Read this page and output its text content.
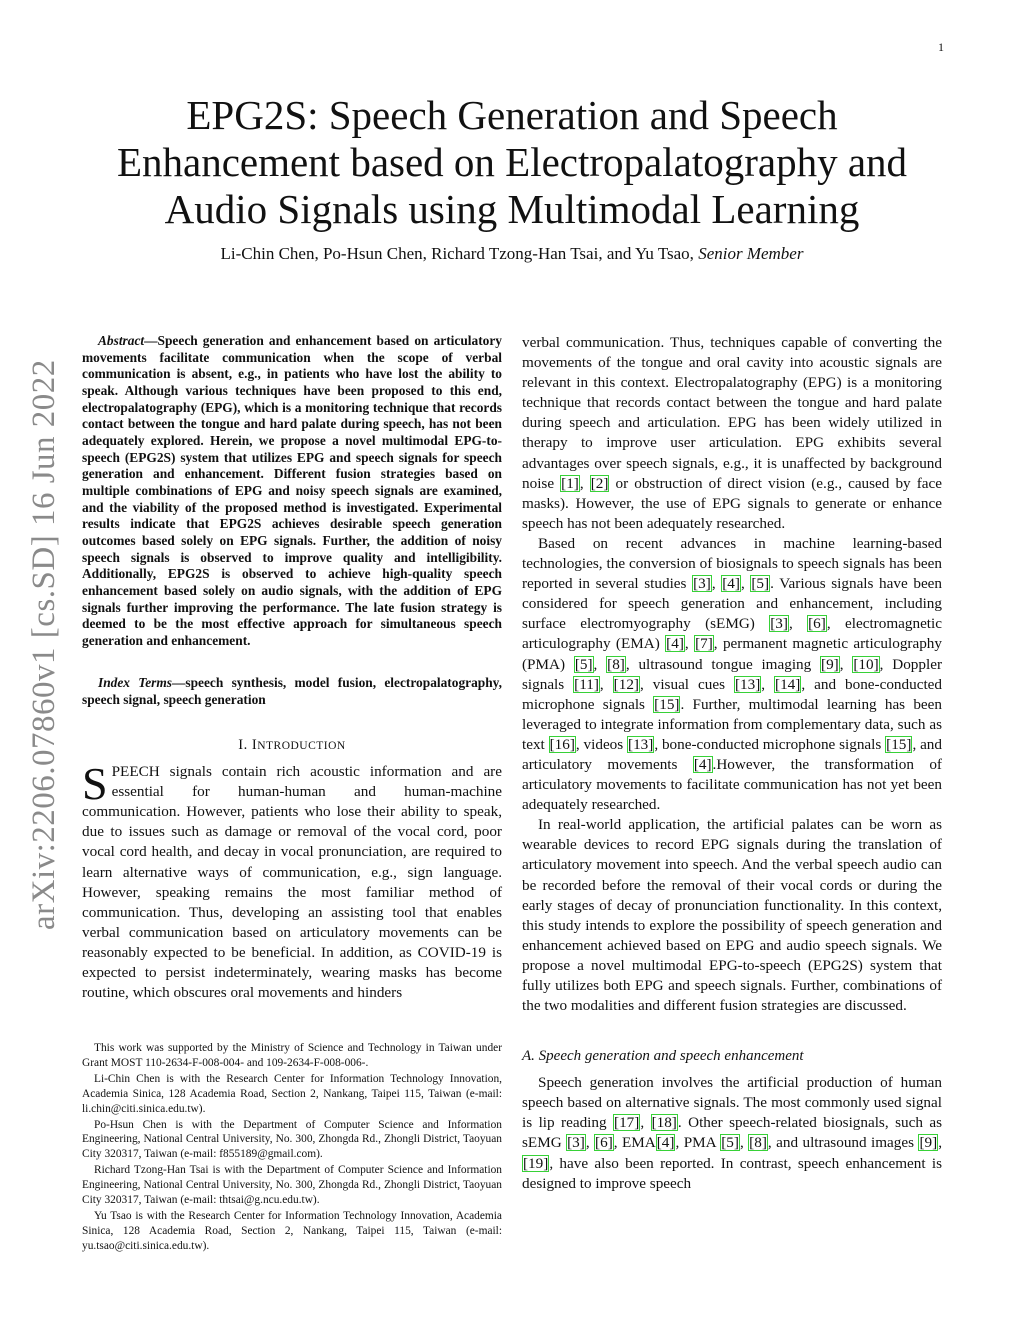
1
arXiv:2206.07860v1 [cs.SD] 16 Jun 2022
EPG2S: Speech Generation and Speech
Enhancement based on Electropalatography and
Audio Signals using Multimodal Learning
Li-Chin Chen, Po-Hsun Chen, Richard Tzong-Han Tsai, and Yu Tsao, Senior Member

Abstract—Speech generation and enhancement based on articulatory movements facilitate communication when the scope of verbal communication is absent, e.g., in patients who have lost the ability to speak. Although various techniques have been proposed to this end, electropalatography (EPG), which is a monitoring technique that records contact between the tongue and hard palate during speech, has not been adequately explored. Herein, we propose a novel multimodal EPG-to-speech (EPG2S) system that utilizes EPG and speech signals for speech generation and enhancement. Different fusion strategies based on multiple combinations of EPG and noisy speech signals are examined, and the viability of the proposed method is investigated. Experimental results indicate that EPG2S achieves desirable speech generation outcomes based solely on EPG signals. Further, the addition of noisy speech signals is observed to improve quality and intelligibility. Additionally, EPG2S is observed to achieve high-quality speech enhancement based solely on audio signals, with the addition of EPG signals further improving the performance. The late fusion strategy is deemed to be the most effective approach for simultaneous speech generation and enhancement.

Index Terms—speech synthesis, model fusion, electropalatography, speech signal, speech generation

I. INTRODUCTION

SPEECH signals contain rich acoustic information and are essential for human-human and human-machine communication. However, patients who lose their ability to speak, due to issues such as damage or removal of the vocal cord, poor vocal cord health, and decay in vocal pronunciation, are required to learn alternative ways of communication, e.g., sign language. However, speaking remains the most familiar method of communication. Thus, developing an assisting tool that enables verbal communication based on articulatory movements can be reasonably expected to be beneficial. In addition, as COVID-19 is expected to persist indeterminately, wearing masks has become routine, which obscures oral movements and hinders

This work was supported by the Ministry of Science and Technology in Taiwan under Grant MOST 110-2634-F-008-004- and 109-2634-F-008-006-.

Li-Chin Chen is with the Research Center for Information Technology Innovation, Academia Sinica, 128 Academia Road, Section 2, Nankang, Taipei 115, Taiwan (e-mail: li.chin@citi.sinica.edu.tw).

Po-Hsun Chen is with the Department of Computer Science and Information Engineering, National Central University, No. 300, Zhongda Rd., Zhongli District, Taoyuan City 320317, Taiwan (e-mail: f855189@gmail.com).

Richard Tzong-Han Tsai is with the Department of Computer Science and Information Engineering, National Central University, No. 300, Zhongda Rd., Zhongli District, Taoyuan City 320317, Taiwan (e-mail: thtsai@g.ncu.edu.tw).

Yu Tsao is with the Research Center for Information Technology Innovation, Academia Sinica, 128 Academia Road, Section 2, Nankang, Taipei 115, Taiwan (e-mail: yu.tsao@citi.sinica.edu.tw).

verbal communication. Thus, techniques capable of converting the movements of the tongue and oral cavity into acoustic signals are relevant in this context. Electropalatography (EPG) is a monitoring technique that records contact between the tongue and hard palate during speech and articulation. EPG has been widely utilized in therapy to improve user articulation. EPG exhibits several advantages over speech signals, e.g., it is unaffected by background noise [1], [2] or obstruction of direct vision (e.g., caused by face masks). However, the use of EPG signals to generate or enhance speech has not been adequately researched.

Based on recent advances in machine learning-based technologies, the conversion of biosignals to speech signals has been reported in several studies [3], [4], [5]. Various signals have been considered for speech generation and enhancement, including surface electromyography (sEMG) [3], [6], electromagnetic articulography (EMA) [4], [7], permanent magnetic articulography (PMA) [5], [8], ultrasound tongue imaging [9], [10], Doppler signals [11], [12], visual cues [13], [14], and bone-conducted microphone signals [15]. Further, multimodal learning has been leveraged to integrate information from complementary data, such as text [16], videos [13], bone-conducted microphone signals [15], and articulatory movements [4].However, the transformation of articulatory movements to facilitate communication has not yet been adequately researched.

In real-world application, the artificial palates can be worn as wearable devices to record EPG signals during the translation of articulatory movement into speech. And the verbal speech audio can be recorded before the removal of their vocal cords or during the early stages of decay of pronunciation functionality. In this context, this study intends to explore the possibility of speech generation and enhancement achieved based on EPG and audio speech signals. We propose a novel multimodal EPG-to-speech (EPG2S) system that fully utilizes both EPG and speech signals. Further, combinations of the two modalities and different fusion strategies are discussed.

A. Speech generation and speech enhancement

Speech generation involves the artificial production of human speech based on alternative signals. The most commonly used signal is lip reading [17], [18]. Other speech-related biosignals, such as sEMG [3], [6], EMA[4], PMA [5], [8], and ultrasound images [9], [19], have also been reported. In contrast, speech enhancement is designed to improve speech
